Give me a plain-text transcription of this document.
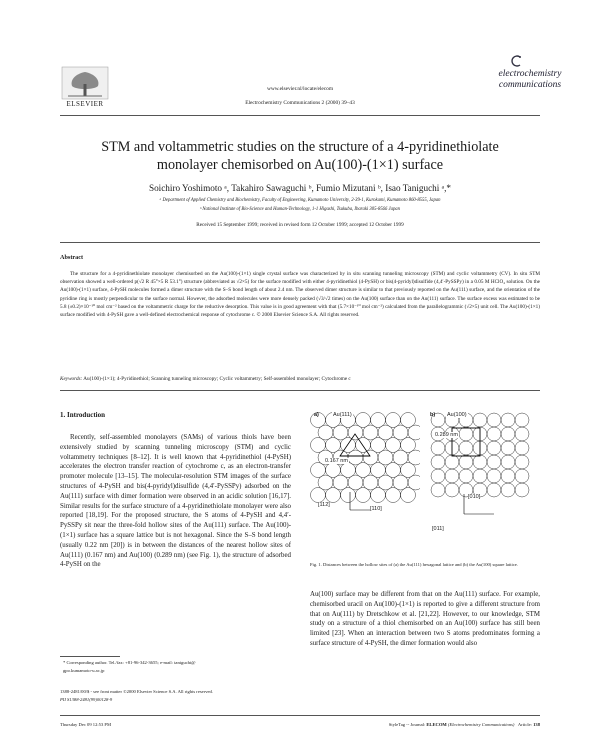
ELSEVIER
www.elsevier.nl/locate/elecom
Electrochemistry Communications 2 (2000) 39–43
electrochemistry
communications
STM and voltammetric studies on the structure of a 4-pyridinethiolate
monolayer chemisorbed on Au(100)-(1×1) surface
Soichiro Yoshimoto ᵃ, Takahiro Sawaguchi ᵇ, Fumio Mizutani ᵇ, Isao Taniguchi ᵃ,*
ᵃ Department of Applied Chemistry and Biochemistry, Faculty of Engineering, Kumamoto University, 2-39-1, Kurokami, Kumamoto 860-8555, Japan
ᵇ National Institute of Bio-Science and Human-Technology, 1-1 Higashi, Tsukuba, Ibaraki 305-8566 Japan
Received 15 September 1999; received in revised form 12 October 1999; accepted 12 October 1999
Abstract
The structure for a 4-pyridinethiolate monolayer chemisorbed on the Au(100)-(1×1) single crystal surface was characterized by in situ scanning tunneling microscopy (STM) and cyclic voltammetry (CV). In situ STM observation showed a well-ordered p(√2 R 45°×5 R 53.1°) structure (abbreviated as √2×5) for the surface modified with either 4-pyridinethiol (4-PySH) or bis(4-pyridyl)disulfide (4,4′-PySSPy) in a 0.05 M HClO₄ solution. On the Au(100)-(1×1) surface, 4-PySH molecules formed a dimer structure with the S–S bond length of about 2.4 nm. The observed dimer structure is similar to that previously reported on the Au(111) surface, and the orientation of the pyridine ring is mostly perpendicular to the surface normal. However, the adsorbed molecules were more densely packed (√3/√2 times) on the Au(100) surface than on the Au(111) surface. The surface excess was estimated to be 5.8 (±0.2)×10⁻¹⁰ mol cm⁻² based on the voltammetric charge for the reductive desorption. This value is in good agreement with that (5.7×10⁻¹⁰ mol cm⁻²) calculated from the parallelogrammic (√2×5) unit cell. The Au(100)-(1×1) surface modified with 4-PySH gave a well-defined electrochemical response of cytochrome c. © 2000 Elsevier Science S.A. All rights reserved.
Keywords: Au(100)-(1×1); 4-Pyridinethiol; Scanning tunneling microscopy; Cyclic voltammetry; Self-assembled monolayer; Cytochrome c
1. Introduction
Recently, self-assembled monolayers (SAMs) of various thiols have been extensively studied by scanning tunneling microscopy (STM) and cyclic voltammetry techniques [8–12]. It is well known that 4-pyridinethiol (4-PySH) accelerates the electron transfer reaction of cytochrome c, as an electron-transfer promoter molecule [13–15]. The molecular-resolution STM images of the surface structures of 4-PySH and bis(4-pyridyl)disulfide (4,4′-PySSPy) adsorbed on the Au(111) surface with dimer formation were observed in an acidic solution [16,17]. Similar results for the surface structure of a 4-pyridinethiolate monolayer were also reported [18,19]. For the proposed structure, the S atoms of 4-PySH and 4,4′-PySSPy sit near the three-fold hollow sites of the Au(111) surface. The Au(100)-(1×1) surface has a square lattice but is not hexagonal. Since the S–S bond length (usually 0.22 nm [20]) is in between the distances of the nearest hollow sites of Au(111) (0.167 nm) and Au(100) (0.289 nm) (see Fig. 1), the structure of adsorbed 4-PySH on the
* Corresponding author. Tel./fax: +81-96-342-3655; e-mail: taniguchi@
gpo.kumamoto-u.ac.jp
1388-2481/00/$ - see front matter ©2000 Elsevier Science S.A. All rights reserved.
PII S1388-2481(99)00128-9
a)	Au(111)
0.167 nm
[112]
[110]
b) Au(100)
0.289 nm
[010]
[011]
Fig. 1. Distances between the hollow sites of (a) the Au(111) hexagonal lattice and (b) the Au(100) square lattice.
Au(100) surface may be different from that on the Au(111) surface. For example, chemisorbed uracil on Au(100)-(1×1) is reported to give a different structure from that on Au(111) by Dretschkow et al. [21,22]. However, to our knowledge, STM study on a structure of a thiol chemisorbed on an Au(100) surface has still been limited [23]. When an interaction between two S atoms predominates forming a surface structure of 4-PySH, the dimer formation would also
Thursday Dec 09 12:53 PM	StyleTag -- Journal: ELECOM (Electrochemistry Communications) Article: 138
